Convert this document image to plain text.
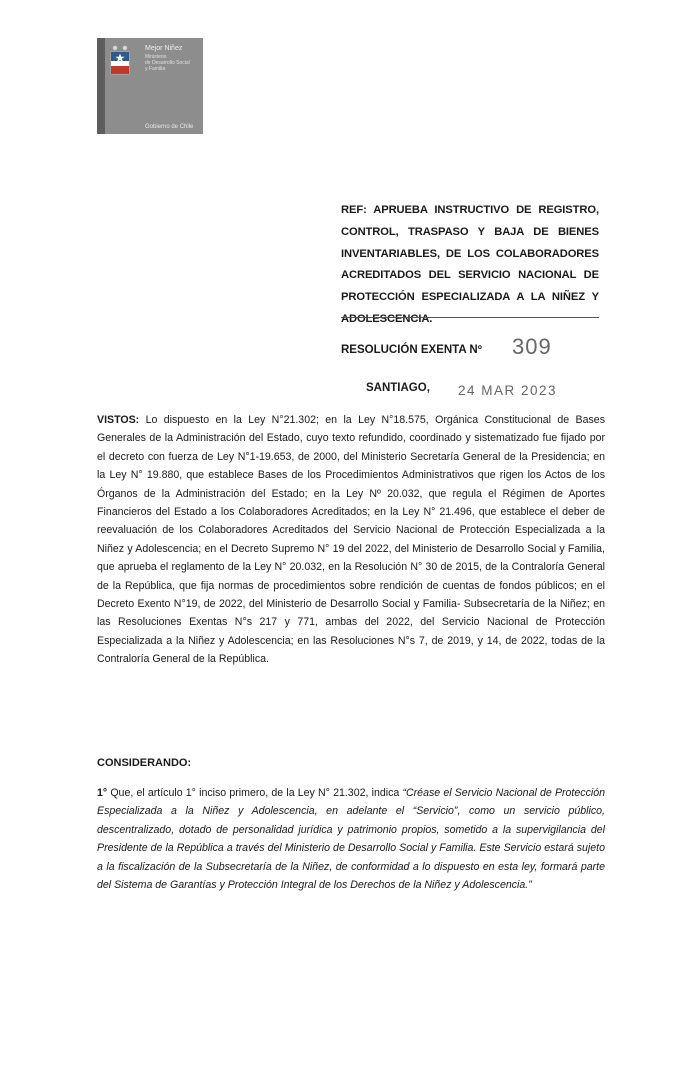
Mejor Niñez

Ministerio
de Desarrollo Social
y Familia
Gobierno de Chile

REF: APRUEBA INSTRUCTIVO DE REGISTRO, CONTROL, TRASPASO Y BAJA DE BIENES INVENTARIABLES, DE LOS COLABORADORES ACREDITADOS DEL SERVICIO NACIONAL DE PROTECCIÓN ESPECIALIZADA A LA NIÑEZ Y ADOLESCENCIA.

RESOLUCIÓN EXENTA Nº 309
SANTIAGO, 24 MAR 2023

VISTOS: Lo dispuesto en la Ley N°21.302; en la Ley N°18.575, Orgánica Constitucional de Bases Generales de la Administración del Estado, cuyo texto refundido, coordinado y sistematizado fue fijado por el decreto con fuerza de Ley N°1-19.653, de 2000, del Ministerio Secretaría General de la Presidencia; en la Ley N° 19.880, que establece Bases de los Procedimientos Administrativos que rigen los Actos de los Órganos de la Administración del Estado; en la Ley Nº 20.032, que regula el Régimen de Aportes Financieros del Estado a los Colaboradores Acreditados; en la Ley N° 21.496, que establece el deber de reevaluación de los Colaboradores Acreditados del Servicio Nacional de Protección Especializada a la Niñez y Adolescencia; en el Decreto Supremo N° 19 del 2022, del Ministerio de Desarrollo Social y Familia, que aprueba el reglamento de la Ley N° 20.032, en la Resolución N° 30 de 2015, de la Contraloría General de la República, que fija normas de procedimientos sobre rendición de cuentas de fondos públicos; en el Decreto Exento N°19, de 2022, del Ministerio de Desarrollo Social y Familia- Subsecretaría de la Niñez; en las Resoluciones Exentas N°s 217 y 771, ambas del 2022, del Servicio Nacional de Protección Especializada a la Niñez y Adolescencia; en las Resoluciones N°s 7, de 2019, y 14, de 2022, todas de la Contraloría General de la República.

CONSIDERANDO:

1° Que, el artículo 1° inciso primero, de la Ley N° 21.302, indica “Créase el Servicio Nacional de Protección Especializada a la Niñez y Adolescencia, en adelante el “Servicio”, como un servicio público, descentralizado, dotado de personalidad jurídica y patrimonio propios, sometido a la supervigilancia del Presidente de la República a través del Ministerio de Desarrollo Social y Familia. Este Servicio estará sujeto a la fiscalización de la Subsecretaría de la Niñez, de conformidad a lo dispuesto en esta ley, formará parte del Sistema de Garantías y Protección Integral de los Derechos de la Niñez y Adolescencia.”
